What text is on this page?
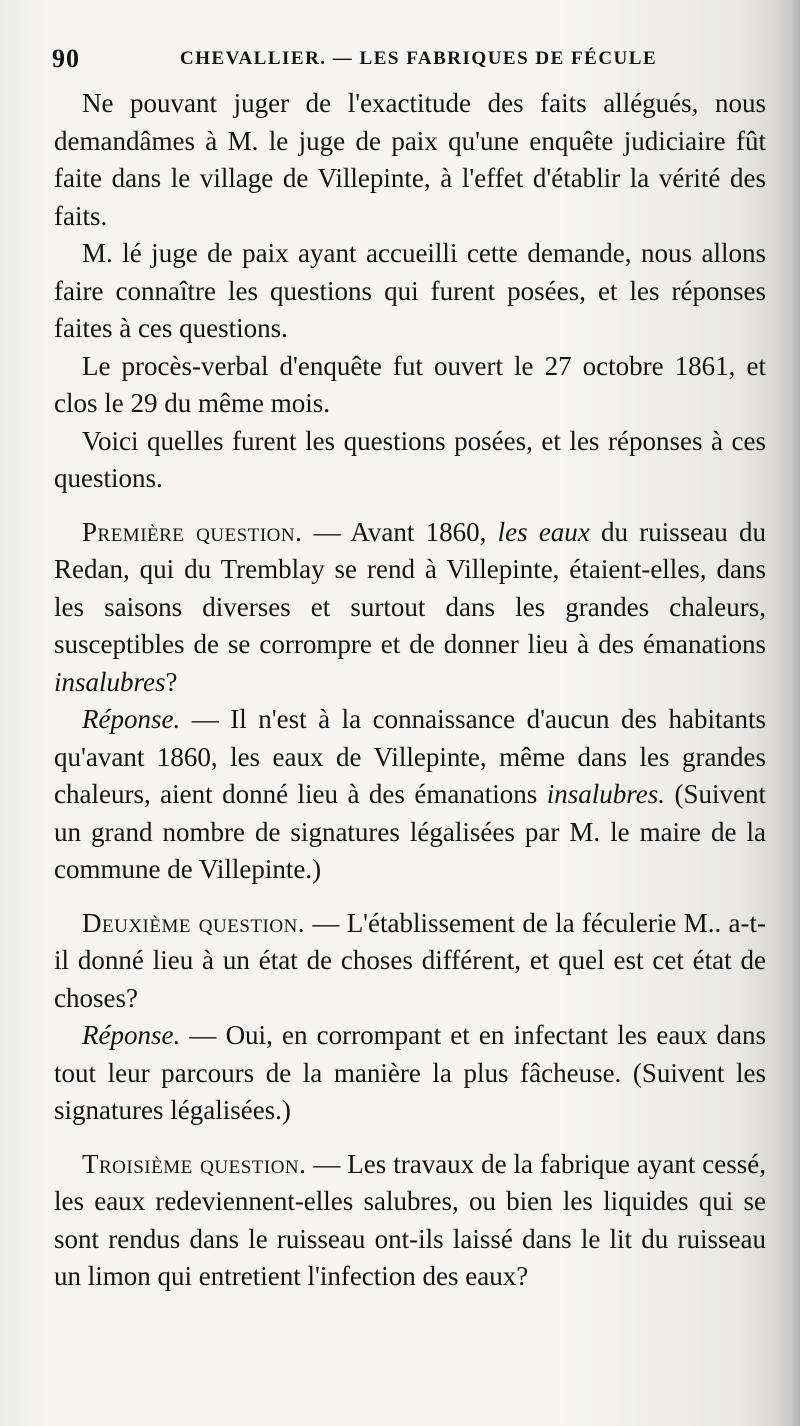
90	CHEVALLIER. — LES FABRIQUES DE FÉCULE

Ne pouvant juger de l'exactitude des faits allégués, nous demandâmes à M. le juge de paix qu'une enquête judiciaire fût faite dans le village de Villepinte, à l'effet d'établir la vérité des faits.

M. lé juge de paix ayant accueilli cette demande, nous allons faire connaître les questions qui furent posées, et les réponses faites à ces questions.

Le procès-verbal d'enquête fut ouvert le 27 octobre 1861, et clos le 29 du même mois.

Voici quelles furent les questions posées, et les réponses à ces questions.

Première question. — Avant 1860, les eaux du ruisseau du Redan, qui du Tremblay se rend à Villepinte, étaient-elles, dans les saisons diverses et surtout dans les grandes chaleurs, susceptibles de se corrompre et de donner lieu à des émanations insalubres?

Réponse. — Il n'est à la connaissance d'aucun des habitants qu'avant 1860, les eaux de Villepinte, même dans les grandes chaleurs, aient donné lieu à des émanations insalubres. (Suivent un grand nombre de signatures légalisées par M. le maire de la commune de Villepinte.)

Deuxième question. — L'établissement de la féculerie M.. a-t-il donné lieu à un état de choses différent, et quel est cet état de choses?

Réponse. — Oui, en corrompant et en infectant les eaux dans tout leur parcours de la manière la plus fâcheuse. (Suivent les signatures légalisées.)

Troisième question. — Les travaux de la fabrique ayant cessé, les eaux redeviennent-elles salubres, ou bien les liquides qui se sont rendus dans le ruisseau ont-ils laissé dans le lit du ruisseau un limon qui entretient l'infection des eaux?
